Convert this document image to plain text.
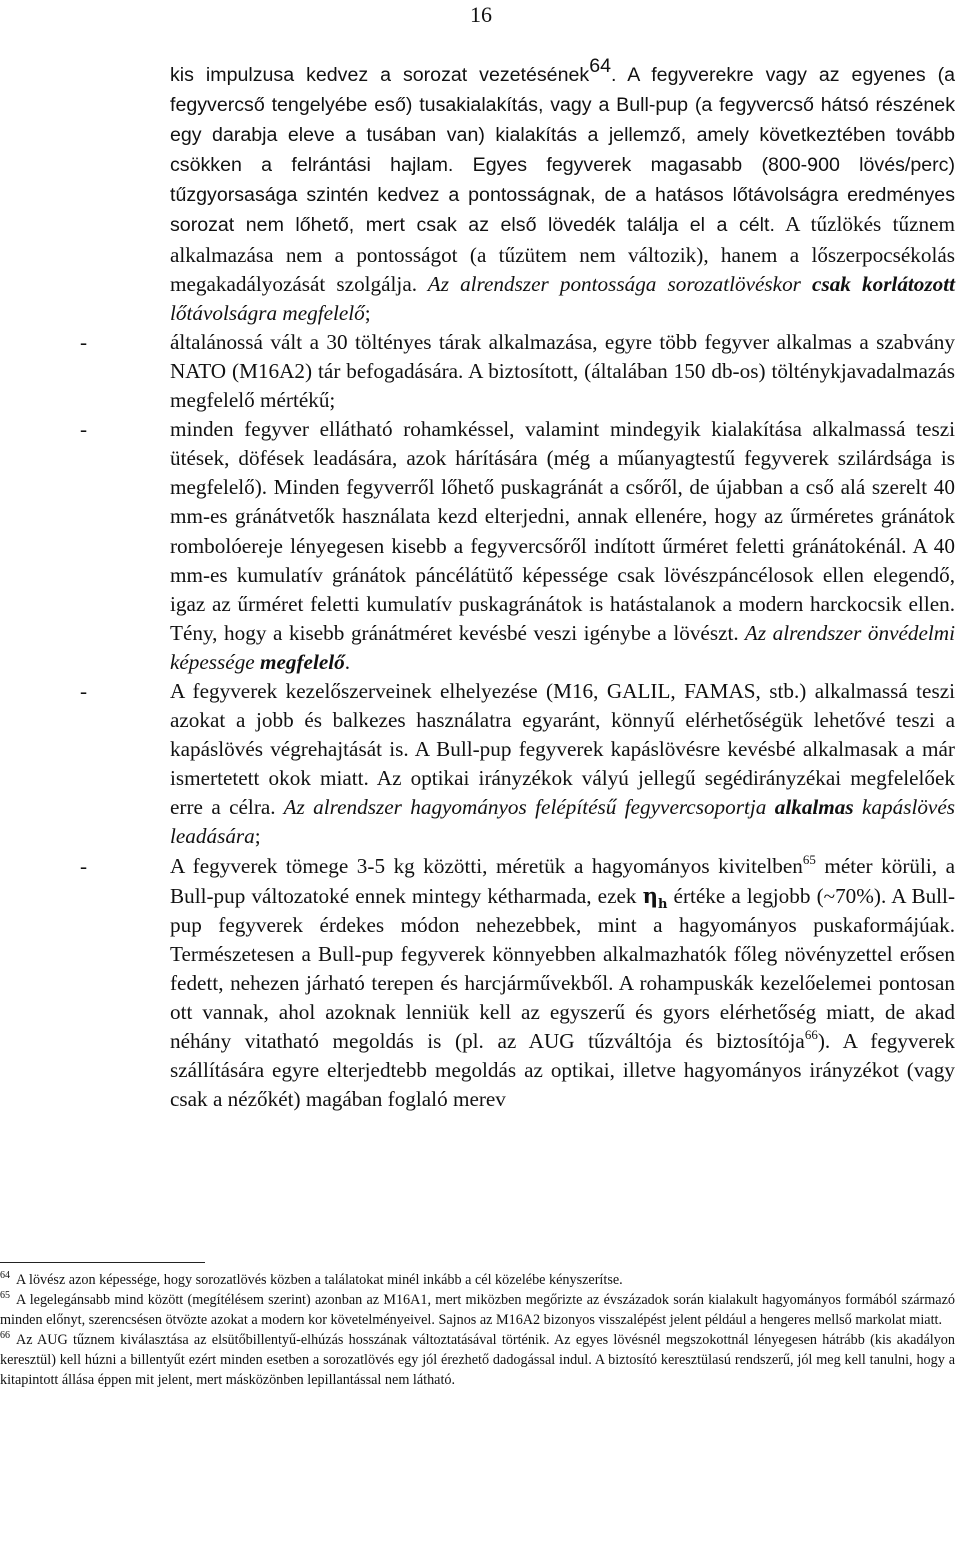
16

kis impulzusa kedvez a sorozat vezetésének64. A fegyverekre vagy az egyenes (a fegyvercső tengelyébe eső) tusakialakítás, vagy a Bull-pup (a fegyvercső hátsó részének egy darabja eleve a tusában van) kialakítás a jellemző, amely következtében tovább csökken a felrántási hajlam. Egyes fegyverek magasabb (800-900 lövés/perc) tűzgyorsasága szintén kedvez a pontosságnak, de a hatásos lőtávolságra eredményes sorozat nem lőhető, mert csak az első lövedék találja el a célt. A tűzlökés tűznem alkalmazása nem a pontosságot (a tűzütem nem változik), hanem a lőszerpocsékolás megakadályozását szolgálja. Az alrendszer pontossága sorozatlövéskor csak korlátozott lőtávolságra megfelelő;

-	általánossá vált a 30 töltényes tárak alkalmazása, egyre több fegyver alkalmas a szabvány NATO (M16A2) tár befogadására. A biztosított, (általában 150 db-os) tölténykjavadalmazás megfelelő mértékű;

-	minden fegyver ellátható rohamkéssel, valamint mindegyik kialakítása alkalmassá teszi ütések, döfések leadására, azok hárítására (még a műanyagtestű fegyverek szilárdsága is megfelelő). Minden fegyverről lőhető puskagránát a csőről, de újabban a cső alá szerelt 40 mm-es gránátvetők használata kezd elterjedni, annak ellenére, hogy az űrméretes gránátok rombolóereje lényegesen kisebb a fegyvercsőről indított űrméret feletti gránátokénál. A 40 mm-es kumulatív gránátok páncélátütő képessége csak lövészpáncélosok ellen elegendő, igaz az űrméret feletti kumulatív puskagránátok is hatástalanok a modern harckocsik ellen. Tény, hogy a kisebb gránátméret kevésbé veszi igénybe a lövészt. Az alrendszer önvédelmi képessége megfelelő.

-	A fegyverek kezelőszerveinek elhelyezése (M16, GALIL, FAMAS, stb.) alkalmassá teszi azokat a jobb és balkezes használatra egyaránt, könnyű elérhetőségük lehetővé teszi a kapáslövés végrehajtását is. A Bull-pup fegyverek kapáslövésre kevésbé alkalmasak a már ismertetett okok miatt. Az optikai irányzékok vályú jellegű segédirányzékai megfelelőek erre a célra. Az alrendszer hagyományos felépítésű fegyvercsoportja alkalmas kapáslövés leadására;

-	A fegyverek tömege 3-5 kg közötti, méretük a hagyományos kivitelben$^{65}$ méter körüli, a Bull-pup változatoké ennek mintegy kétharmada, ezek $\eta_h$ értéke a legjobb (~70%). A Bull-pup fegyverek érdekes módon nehezebbek, mint a hagyományos puskaformájúak. Természetesen a Bull-pup fegyverek könnyebben alkalmazhatók főleg növényzettel erősen fedett, nehezen járható terepen és harcjárművekből. A rohampuskák kezelőelemei pontosan ott vannak, ahol azoknak lenniük kell az egyszerű és gyors elérhetőség miatt, de akad néhány vitatható megoldás is (pl. az AUG tűzváltója és biztosítója$^{66}$). A fegyverek szállítására egyre elterjedtebb megoldás az optikai, illetve hagyományos irányzékot (vagy csak a nézőkét) magában foglaló merev

$^{64}$ A lövész azon képessége, hogy sorozatlövés közben a találatokat minél inkább a cél közelébe kényszerítse.

$^{65}$ A legelegánsabb mind között (megítélésem szerint) azonban az M16A1, mert miközben megőrizte az évszázadok során kialakult hagyományos formából származó minden előnyt, szerencsésen ötvözte azokat a modern kor követelményeivel. Sajnos az M16A2 bizonyos visszalépést jelent például a hengeres mellső markolat miatt.

$^{66}$ Az AUG tűznem kiválasztása az elsütőbillentyű-elhúzás hosszának változtatásával történik. Az egyes lövésnél megszokottnál lényegesen hátrább (kis akadályon keresztül) kell húzni a billentyűt ezért minden esetben a sorozatlövés egy jól érezhető dadogással indul. A biztosító keresztülasú rendszerű, jól meg kell tanulni, hogy a kitapintott állása éppen mit jelent, mert másközönben lepillantással nem látható.
